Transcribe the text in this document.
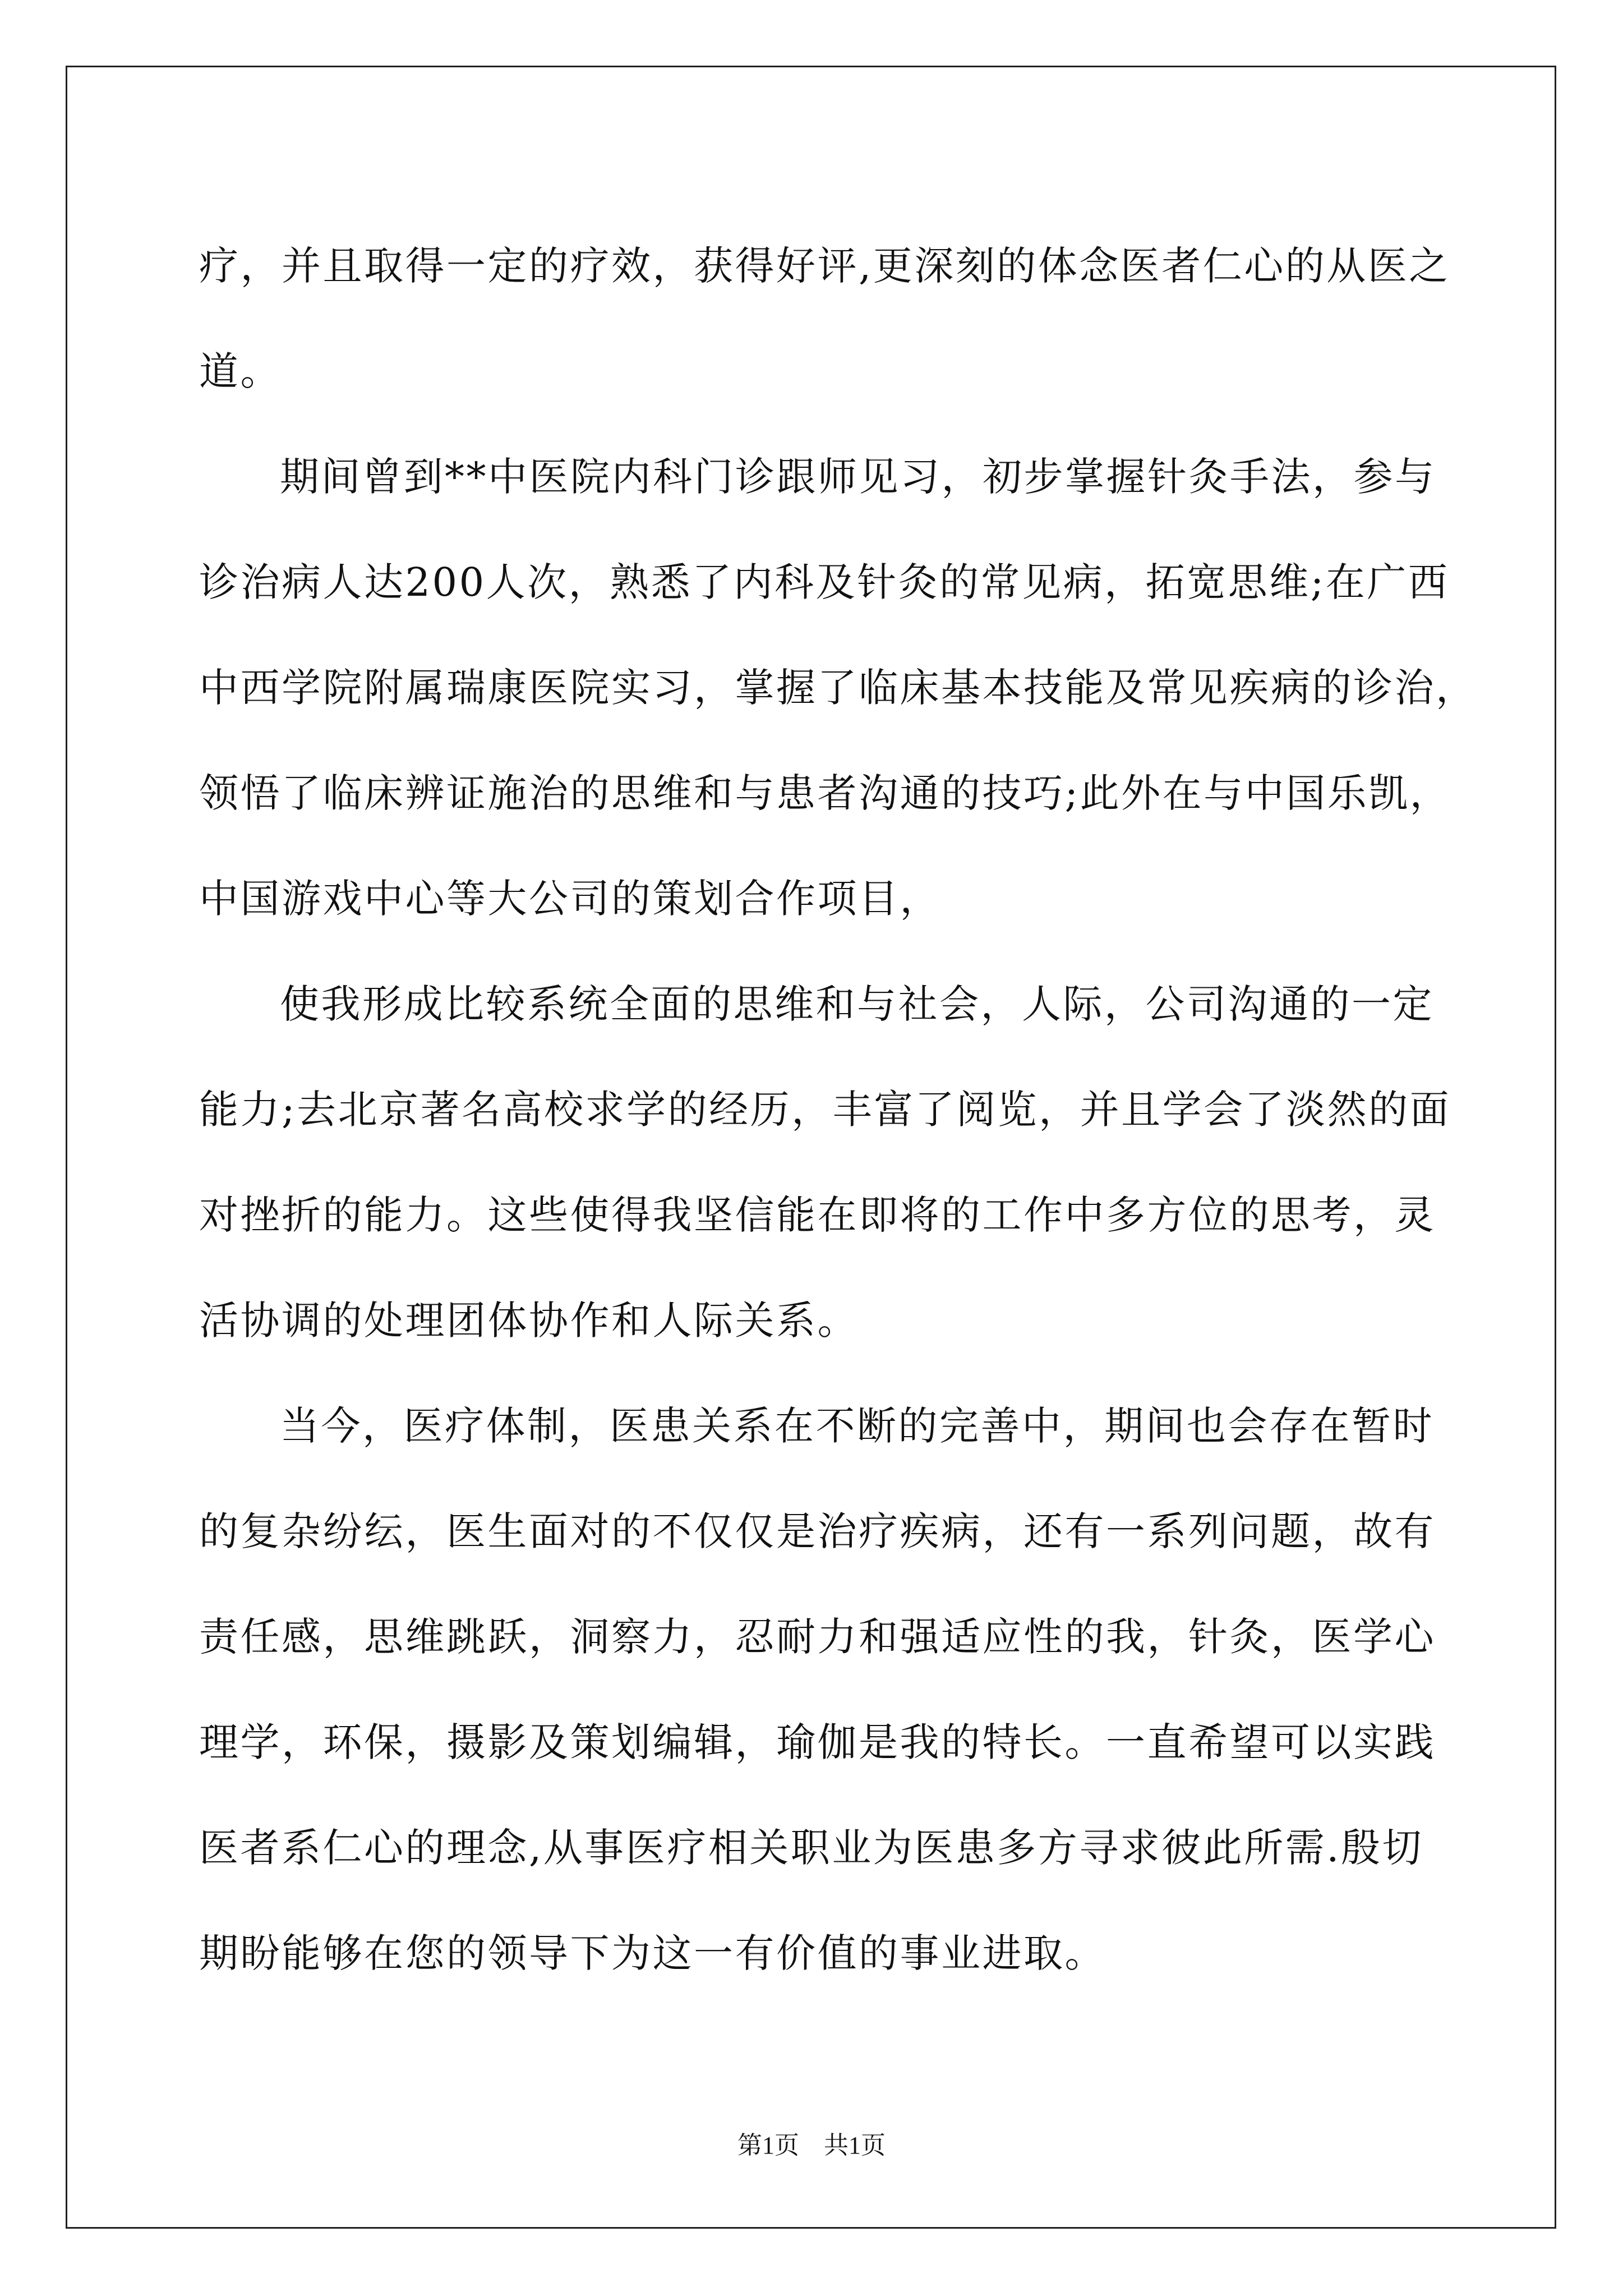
疗，并且取得一定的疗效，获得好评,更深刻的体念医者仁心的从医之
道。
期间曾到**中医院内科门诊跟师见习，初步掌握针灸手法，参与
诊治病人达200人次，熟悉了内科及针灸的常见病，拓宽思维;在广西
中西学院附属瑞康医院实习，掌握了临床基本技能及常见疾病的诊治，
领悟了临床辨证施治的思维和与患者沟通的技巧;此外在与中国乐凯，
中国游戏中心等大公司的策划合作项目，
使我形成比较系统全面的思维和与社会，人际，公司沟通的一定
能力;去北京著名高校求学的经历，丰富了阅览，并且学会了淡然的面
对挫折的能力。这些使得我坚信能在即将的工作中多方位的思考，灵
活协调的处理团体协作和人际关系。
当今，医疗体制，医患关系在不断的完善中，期间也会存在暂时
的复杂纷纭，医生面对的不仅仅是治疗疾病，还有一系列问题，故有
责任感，思维跳跃，洞察力，忍耐力和强适应性的我，针灸，医学心
理学，环保，摄影及策划编辑，瑜伽是我的特长。一直希望可以实践
医者系仁心的理念,从事医疗相关职业为医患多方寻求彼此所需.殷切
期盼能够在您的领导下为这一有价值的事业进取。
第1页　共1页
